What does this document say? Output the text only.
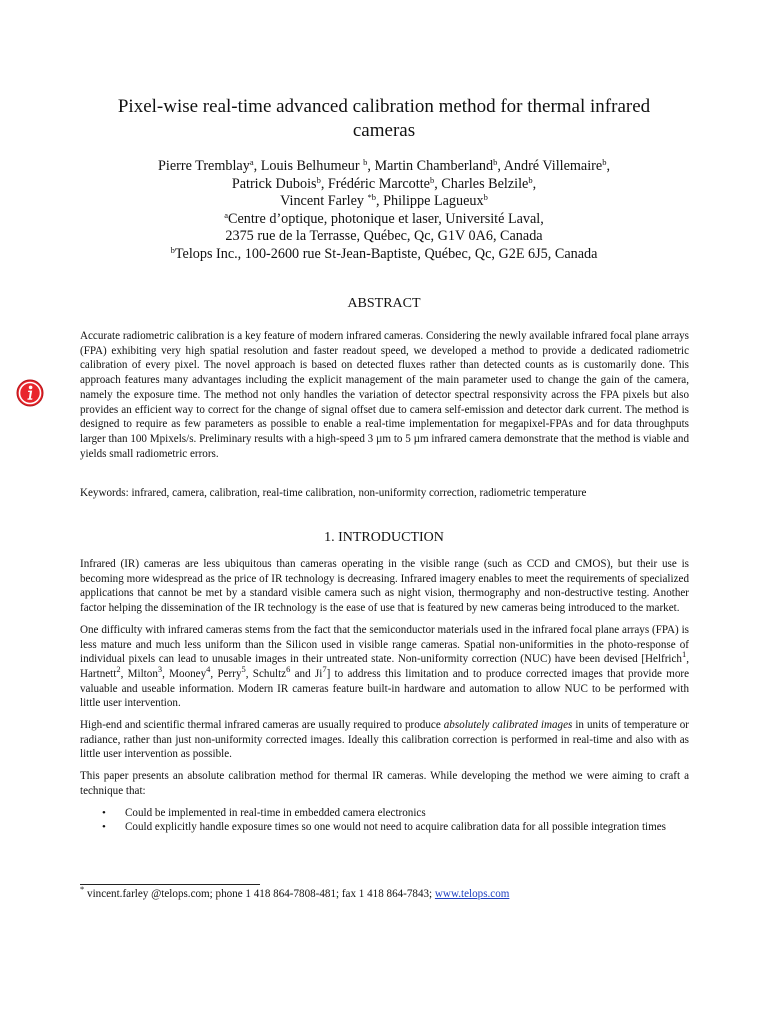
Pixel-wise real-time advanced calibration method for thermal infrared
cameras
Pierre Tremblay$^a$, Louis Belhumeur $^b$, Martin Chamberland$^b$, André Villemaire$^b$,
Patrick Dubois$^b$, Frédéric Marcotte$^b$, Charles Belzile$^b$,
Vincent Farley $^{*b}$, Philippe Lagueux$^b$
$^a$Centre d’optique, photonique et laser, Université Laval,
2375 rue de la Terrasse, Québec, Qc, G1V 0A6, Canada
$^b$Telops Inc., 100-2600 rue St-Jean-Baptiste, Québec, Qc, G2E 6J5, Canada
ABSTRACT

Accurate radiometric calibration is a key feature of modern infrared cameras. Considering the newly available infrared focal plane arrays (FPA) exhibiting very high spatial resolution and faster readout speed, we developed a method to provide a dedicated radiometric calibration of every pixel. The novel approach is based on detected fluxes rather than detected counts as is customarily done. This approach features many advantages including the explicit management of the main parameter used to change the gain of the camera, namely the exposure time. The method not only handles the variation of detector spectral responsivity across the FPA pixels but also provides an efficient way to correct for the change of signal offset due to camera self-emission and detector dark current. The method is designed to require as few parameters as possible to enable a real-time implementation for megapixel-FPAs and for data throughputs larger than 100 Mpixels/s. Preliminary results with a high-speed 3 µm to 5 µm infrared camera demonstrate that the method is viable and yields small radiometric errors.

Keywords: infrared, camera, calibration, real-time calibration, non-uniformity correction, radiometric temperature

1. INTRODUCTION

Infrared (IR) cameras are less ubiquitous than cameras operating in the visible range (such as CCD and CMOS), but their use is becoming more widespread as the price of IR technology is decreasing. Infrared imagery enables to meet the requirements of specialized applications that cannot be met by a standard visible camera such as night vision, thermography and non-destructive testing. Another factor helping the dissemination of the IR technology is the ease of use that is featured by new cameras being introduced to the market.

One difficulty with infrared cameras stems from the fact that the semiconductor materials used in the infrared focal plane arrays (FPA) is less mature and much less uniform than the Silicon used in visible range cameras. Spatial non-uniformities in the photo-response of individual pixels can lead to unusable images in their untreated state. Non-uniformity correction (NUC) have been devised [Helfrich$^1$, Hartnett$^2$, Milton$^3$, Mooney$^4$, Perry$^5$, Schultz$^6$ and Ji$^7$] to address this limitation and to produce corrected images that provide more valuable and useable information. Modern IR cameras feature built-in hardware and automation to allow NUC to be performed with little user intervention.

High-end and scientific thermal infrared cameras are usually required to produce absolutely calibrated images in units of temperature or radiance, rather than just non-uniformity corrected images. Ideally this calibration correction is performed in real-time and also with as little user intervention as possible.

This paper presents an absolute calibration method for thermal IR cameras. While developing the method we were aiming to craft a technique that:

• Could be implemented in real-time in embedded camera electronics
• Could explicitly handle exposure times so one would not need to acquire calibration data for all possible integration times
* vincent.farley @telops.com; phone 1 418 864-7808-481; fax 1 418 864-7843; www.telops.com
